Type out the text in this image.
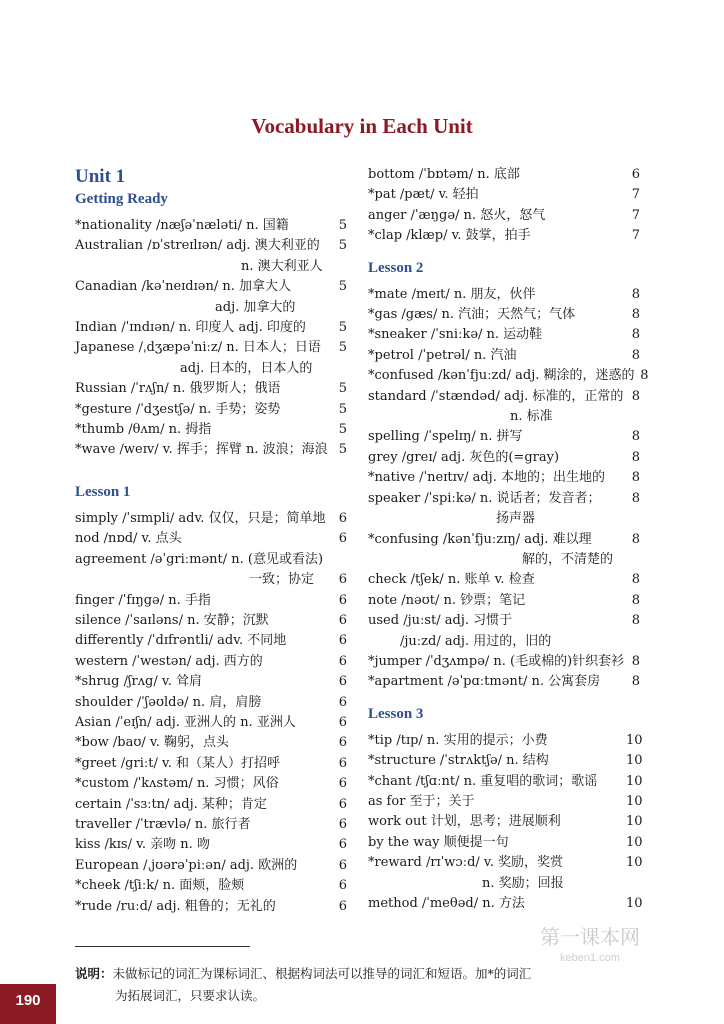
Vocabulary in Each Unit
Unit 1
Getting Ready
*nationality /næʃəˈnæləti/ n. 国籍	5
Australian /ɒˈstreɪlɪən/ adj. 澳大利亚的	5
n. 澳大利亚人
Canadian /kəˈneɪdɪən/ n. 加拿大人	5
adj. 加拿大的
Indian /ˈɪndɪən/ n. 印度人 adj. 印度的	5
Japanese /ˌdʒæpəˈniːz/ n. 日本人；日语	5
adj. 日本的，日本人的
Russian /ˈrʌʃn/ n. 俄罗斯人；俄语	5
*gesture /ˈdʒestʃə/ n. 手势；姿势	5
*thumb /θʌm/ n. 拇指	5
*wave /weɪv/ v. 挥手；挥臂 n. 波浪；海浪 5
Lesson 1
simply /ˈsɪmpli/ adv. 仅仅，只是；简单地	6
nod /nɒd/ v. 点头	6
agreement /əˈgriːmənt/ n. (意见或看法)
一致；协定	6
finger /ˈfɪŋgə/ n. 手指	6
silence /ˈsaɪləns/ n. 安静；沉默	6
differently /ˈdɪfrəntli/ adv. 不同地	6
western /ˈwestən/ adj. 西方的	6
*shrug /ʃrʌg/ v. 耸肩	6
shoulder /ˈʃəʊldə/ n. 肩，肩膀	6
Asian /ˈeɪʃn/ adj. 亚洲人的 n. 亚洲人	6
*bow /baʊ/ v. 鞠躬，点头	6
*greet /griːt/ v. 和（某人）打招呼	6
*custom /ˈkʌstəm/ n. 习惯；风俗	6
certain /ˈsɜːtn/ adj. 某种；肯定	6
traveller /ˈtrævlə/ n. 旅行者	6
kiss /kɪs/ v. 亲吻 n. 吻	6
European /ˌjʊərəˈpiːən/ adj. 欧洲的	6
*cheek /tʃiːk/ n. 面颊，脸颊	6
*rude /ruːd/ adj. 粗鲁的；无礼的	6
bottom /ˈbɒtəm/ n. 底部	6
*pat /pæt/ v. 轻拍	7
anger /ˈæŋgə/ n. 怒火，怒气	7
*clap /klæp/ v. 鼓掌，拍手	7
Lesson 2
*mate /meɪt/ n. 朋友，伙伴	8
*gas /gæs/ n. 汽油；天然气；气体	8
*sneaker /ˈsniːkə/ n. 运动鞋	8
*petrol /ˈpetrəl/ n. 汽油	8
*confused /kənˈfjuːzd/ adj. 糊涂的，迷惑的 8
standard /ˈstændəd/ adj. 标准的，正常的 8
n. 标准
spelling /ˈspelɪŋ/ n. 拼写	8
grey /greɪ/ adj. 灰色的(=gray)	8
*native /ˈneɪtɪv/ adj. 本地的；出生地的	8
speaker /ˈspiːkə/ n. 说话者；发音者；	8
扬声器
*confusing /kənˈfjuːzɪŋ/ adj. 难以理	8
解的，不清楚的
check /tʃek/ n. 账单 v. 检查	8
note /nəʊt/ n. 钞票；笔记	8
used /juːst/ adj. 习惯于	8
/juːzd/ adj. 用过的，旧的
*jumper /ˈdʒʌmpə/ n. (毛或棉的)针织套衫 8
*apartment /əˈpɑːtmənt/ n. 公寓套房	8
Lesson 3
*tip /tɪp/ n. 实用的提示；小费	10
*structure /ˈstrʌktʃə/ n. 结构	10
*chant /tʃɑːnt/ n. 重复唱的歌词；歌谣	10
as for 至于；关于	10
work out 计划，思考；进展顺利	10
by the way 顺便提一句	10
*reward /rɪˈwɔːd/ v. 奖励，奖赏	10
n. 奖励；回报
method /ˈmeθəd/ n. 方法	10
说明：未做标记的词汇为课标词汇、根据构词法可以推导的词汇和短语。加*的词汇
为拓展词汇，只要求认读。
190
第一课本网
keben1.com
